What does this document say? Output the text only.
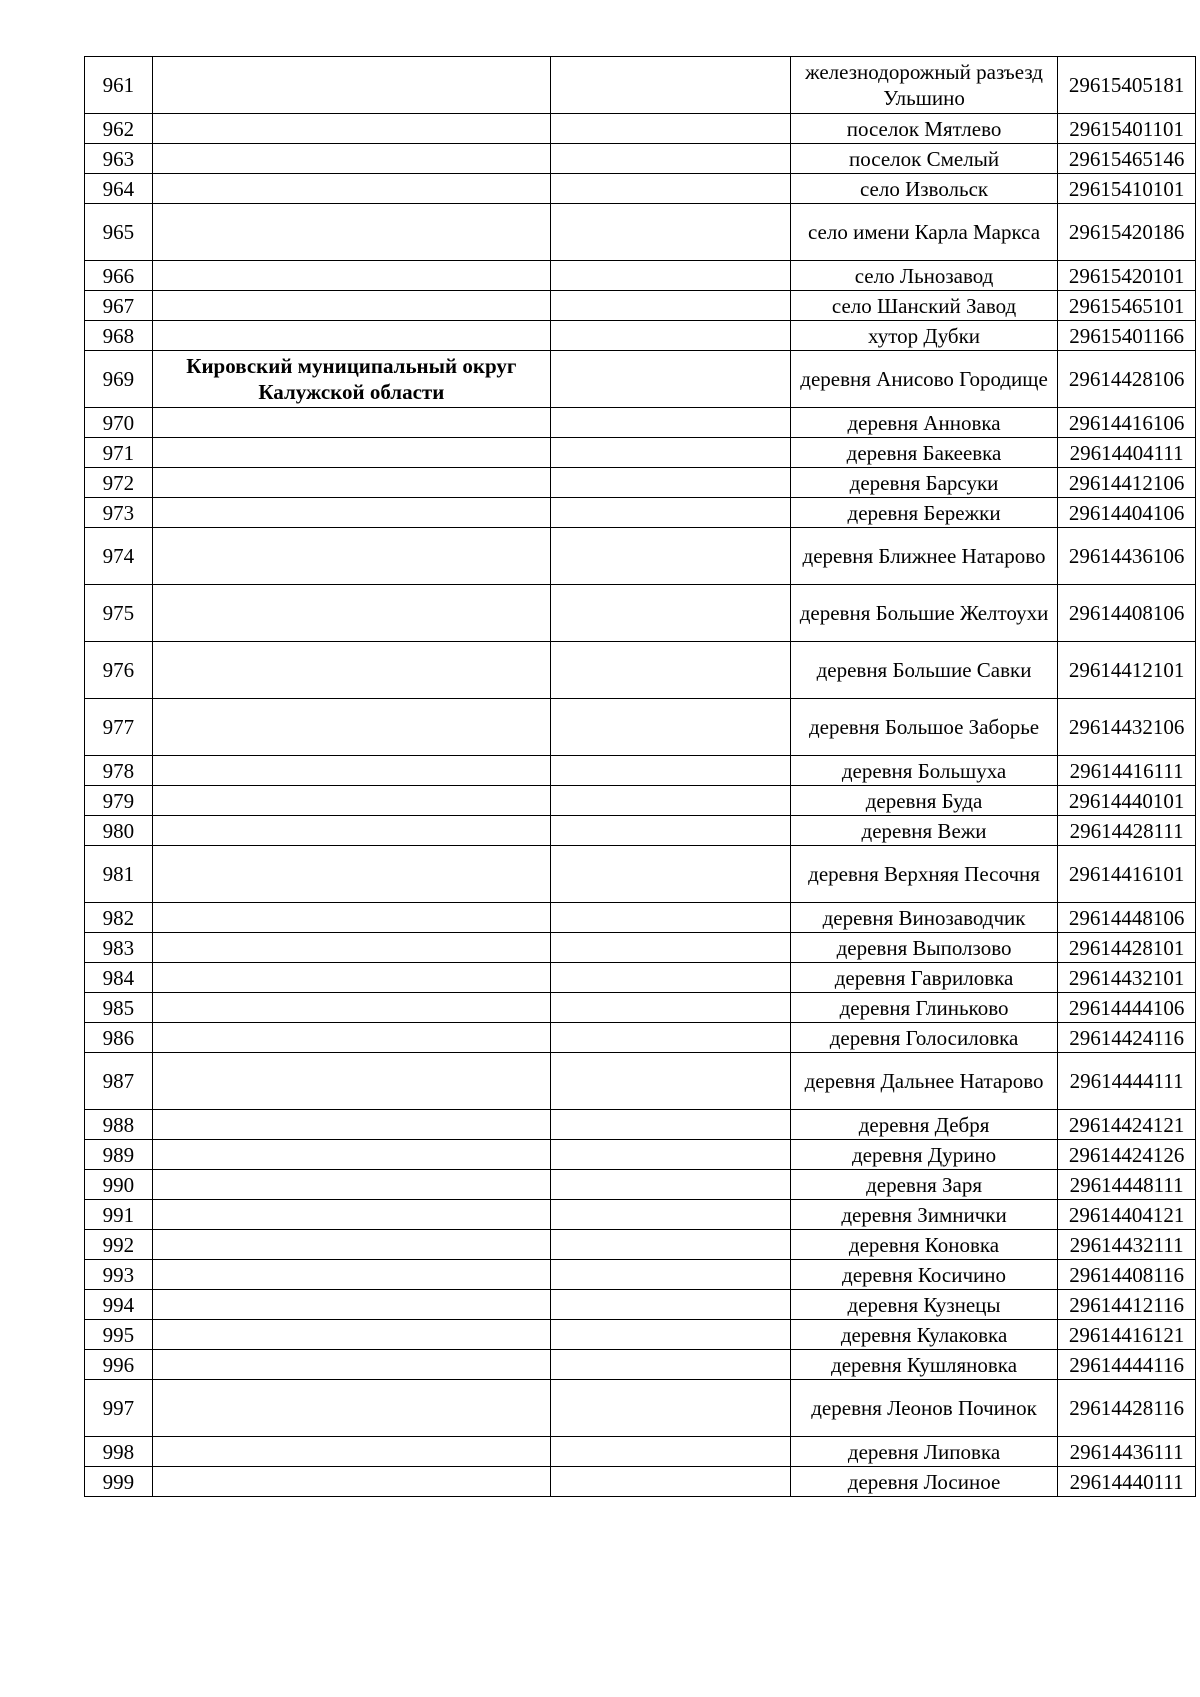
961			железнодорожный разъезд Ульшино	29615405181
962			поселок Мятлево	29615401101
963			поселок Смелый	29615465146
964			село Извольск	29615410101
965			село имени Карла Маркса	29615420186
966			село Льнозавод	29615420101
967			село Шанский Завод	29615465101
968			хутор Дубки	29615401166
969	Кировский муниципальный округ Калужской области		деревня Анисово Городище	29614428106
970			деревня Анновка	29614416106
971			деревня Бакеевка	29614404111
972			деревня Барсуки	29614412106
973			деревня Бережки	29614404106
974			деревня Ближнее Натарово	29614436106
975			деревня Большие Желтоухи	29614408106
976			деревня Большие Савки	29614412101
977			деревня Большое Заборье	29614432106
978			деревня Большуха	29614416111
979			деревня Буда	29614440101
980			деревня Вежи	29614428111
981			деревня Верхняя Песочня	29614416101
982			деревня Винозаводчик	29614448106
983			деревня Выползово	29614428101
984			деревня Гавриловка	29614432101
985			деревня Глиньково	29614444106
986			деревня Голосиловка	29614424116
987			деревня Дальнее Натарово	29614444111
988			деревня Дебря	29614424121
989			деревня Дурино	29614424126
990			деревня Заря	29614448111
991			деревня Зимнички	29614404121
992			деревня Коновка	29614432111
993			деревня Косичино	29614408116
994			деревня Кузнецы	29614412116
995			деревня Кулаковка	29614416121
996			деревня Кушляновка	29614444116
997			деревня Леонов Починок	29614428116
998			деревня Липовка	29614436111
999			деревня Лосиное	29614440111
